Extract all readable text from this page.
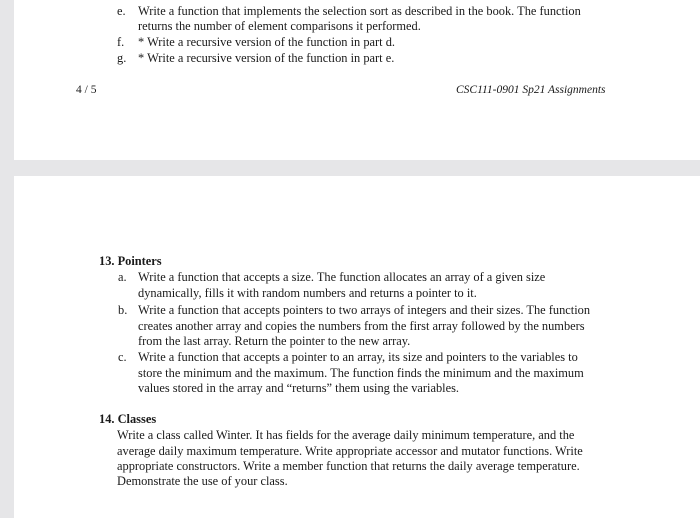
e. Write a function that implements the selection sort as described in the book. The function
returns the number of element comparisons it performed.
f. * Write a recursive version of the function in part d.
g. * Write a recursive version of the function in part e.
4 / 5	CSC111-0901 Sp21 Assignments
13. Pointers
a. Write a function that accepts a size. The function allocates an array of a given size
dynamically, fills it with random numbers and returns a pointer to it.
b. Write a function that accepts pointers to two arrays of integers and their sizes. The function
creates another array and copies the numbers from the first array followed by the numbers
from the last array. Return the pointer to the new array.
c. Write a function that accepts a pointer to an array, its size and pointers to the variables to
store the minimum and the maximum. The function finds the minimum and the maximum
values stored in the array and “returns” them using the variables.
14. Classes
Write a class called Winter. It has fields for the average daily minimum temperature, and the
average daily maximum temperature. Write appropriate accessor and mutator functions. Write
appropriate constructors. Write a member function that returns the daily average temperature.
Demonstrate the use of your class.
